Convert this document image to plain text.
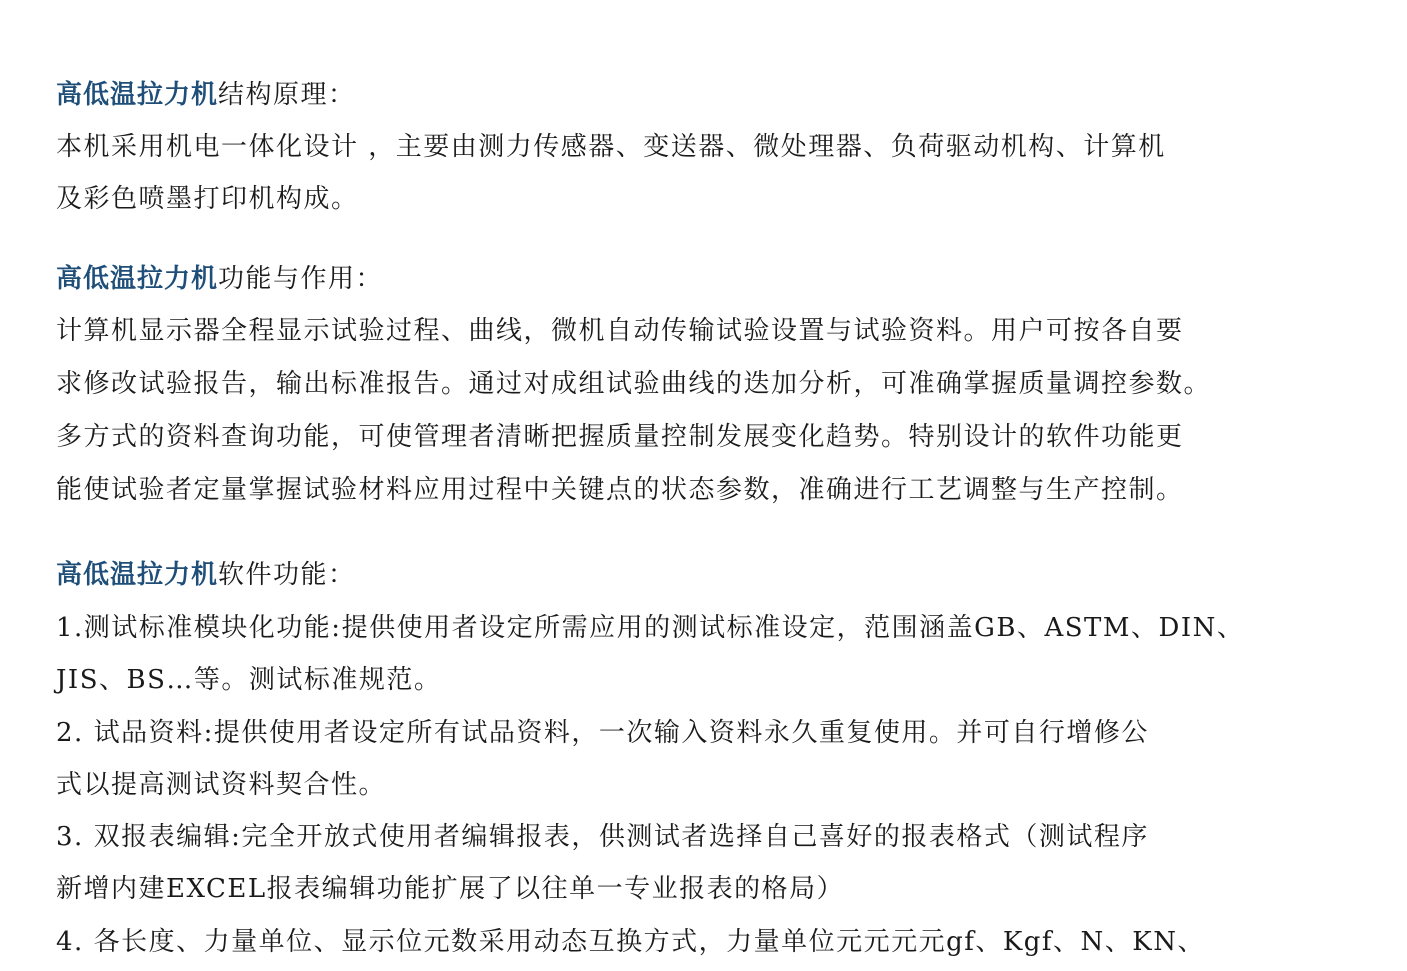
高低温拉力机结构原理：

本机采用机电一体化设计 ，主要由测力传感器、变送器、微处理器、负荷驱动机构、计算机

及彩色喷墨打印机构成。

高低温拉力机功能与作用：

计算机显示器全程显示试验过程、曲线，微机自动传输试验设置与试验资料。用户可按各自要

求修改试验报告，输出标准报告。通过对成组试验曲线的迭加分析，可准确掌握质量调控参数。

多方式的资料查询功能，可使管理者清晰把握质量控制发展变化趋势。特别设计的软件功能更

能使试验者定量掌握试验材料应用过程中关键点的状态参数，准确进行工艺调整与生产控制。

高低温拉力机软件功能：

1.测试标准模块化功能:提供使用者设定所需应用的测试标准设定，范围涵盖GB、ASTM、DIN、

JIS、BS…等。测试标准规范。

2. 试品资料:提供使用者设定所有试品资料，一次输入资料永久重复使用。并可自行增修公

式以提高测试资料契合性。

3. 双报表编辑:完全开放式使用者编辑报表，供测试者选择自己喜好的报表格式（测试程序

新增内建EXCEL报表编辑功能扩展了以往单一专业报表的格局）

4. 各长度、力量单位、显示位元数采用动态互换方式，力量单位元元元元gf、Kgf、N、KN、
